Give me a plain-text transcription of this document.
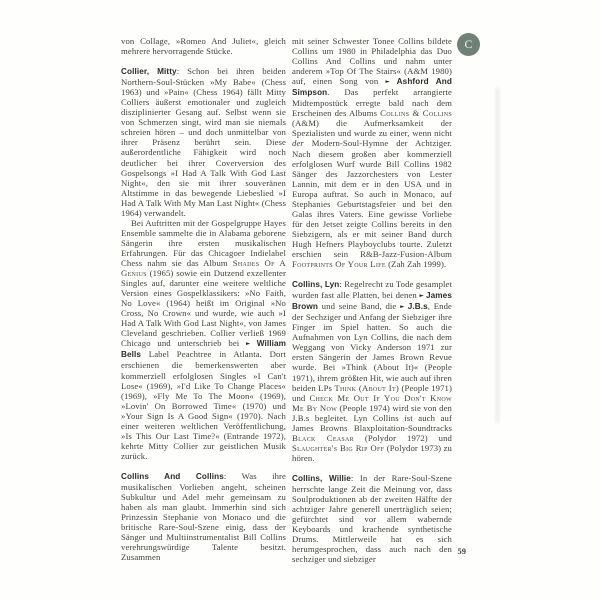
C

von Collage, »Romeo And Juliet«, gleich mehrere hervorragende Stücke.

Collier, Mitty: Schon bei ihren beiden Northern-Soul-Stücken »My Babe« (Chess 1963) und »Pain« (Chess 1964) fällt Mitty Colliers äußerst emotionaler und zugleich disziplinierter Gesang auf. Selbst wenn sie von Schmerzen singt, wird man sie niemals schreien hören – und doch unmittelbar von ihrer Präsenz berührt sein. Diese außerordentliche Fähigkeit wird noch deutlicher bei ihrer Coverversion des Gospelsongs »I Had A Talk With God Last Night«, den sie mit ihrer souveränen Altstimme in das bewegende Liebeslied »I Had A Talk With My Man Last Night« (Chess 1964) verwandelt.

Bei Auftritten mit der Gospelgruppe Hayes Ensemble sammelte die in Alabama geborene Sängerin ihre ersten musikalischen Erfahrungen. Für das Chicagoer Indielabel Chess nahm sie das Album Shades Of A Genius (1965) sowie ein Dutzend exzellenter Singles auf, darunter eine weitere weltliche Version eines Gospelklassikers: »No Faith, No Love« (1964) heißt im Original »No Cross, No Crown« und wurde, wie auch »I Had A Talk With God Last Night«, von James Cleveland geschrieben. Collier verließ 1969 Chicago und unterschrieb bei ► William Bells Label Peachtree in Atlanta. Dort erschienen die bemerkenswerten aber kommerziell erfolglosen Singles »I Can't Lose« (1969), »I'd Like To Change Places« (1969), »Fly Me To The Moon« (1969), »Lovin' On Borrowed Time« (1970) und »Your Sign Is A Good Sign« (1970). Nach einer weiteren weltlichen Veröffentlichung, »Is This Our Last Time?« (Entrande 1972), kehrte Mitty Collier zur geistlichen Musik zurück.

Collins And Collins: Was ihre musikalischen Vorlieben angeht, scheinen Subkultur und Adel mehr gemeinsam zu haben als man glaubt. Immerhin sind sich Prinzessin Stephanie von Monaco und die britische Rare-Soul-Szene einig, dass der Sänger und Multiinstrumentalist Bill Collins verehrungswürdige Talente besitzt. Zusammen

mit seiner Schwester Tonee Collins bildete Collins um 1980 in Philadelphia das Duo Collins And Collins und nahm unter anderem »Top Of The Stairs« (A&M 1980) auf, einen Song von ► Ashford And Simpson. Das perfekt arrangierte Midtempostück erregte bald nach dem Erscheinen des Albums Collins & Collins (A&M) die Aufmerksamkeit der Spezialisten und wurde zu einer, wenn nicht der Modern-Soul-Hymne der Achtziger. Nach diesem großen aber kommerziell erfolglosen Wurf wurde Bill Collins 1982 Sänger des Jazzorchesters von Lester Lannin, mit dem er in den USA und in Europa auftrat. So auch in Monaco, auf Stephanies Geburtstagsfeier und bei den Galas ihres Vaters. Eine gewisse Vorliebe für den Jetset zeigte Collins bereits in den Siebzigern, als er mit seiner Band durch Hugh Hefners Playboyclubs tourte. Zuletzt erschien sein R&B-Jazz-Fusion-Album Footprints Of Your Life (Zah Zah 1999).

Collins, Lyn: Regelrecht zu Tode gesamplet wurden fast alle Platten, bei denen ► James Brown und seine Band, die ► J.B.s, Ende der Sechziger und Anfang der Siebziger ihre Finger im Spiel hatten. So auch die Aufnahmen von Lyn Collins, die nach dem Weggang von Vicky Anderson 1971 zur ersten Sängerin der James Brown Revue wurde. Bei »Think (About It)« (People 1971), ihrem größten Hit, wie auch auf ihren beiden LPs Think (About It) (People 1971) und Check Me Out If You Don't Know Me By Now (People 1974) wird sie von den J.B.s begleitet. Lyn Collins ist auch auf James Browns Blaxploitation-Soundtracks Black Ceasar (Polydor 1972) und Slaughter's Big Rip Off (Polydor 1973) zu hören.

Collins, Willie: In der Rare-Soul-Szene herrschte lange Zeit die Meinung vor, dass Soulproduktionen ab der zweiten Hälfte der achtziger Jahre generell unerträglich seien; gefürchtet sind vor allem wabernde Keyboards und krachende synthetische Drums. Mittlerweile hat es sich herumgesprochen, dass auch nach den sechziger und siebziger

59
